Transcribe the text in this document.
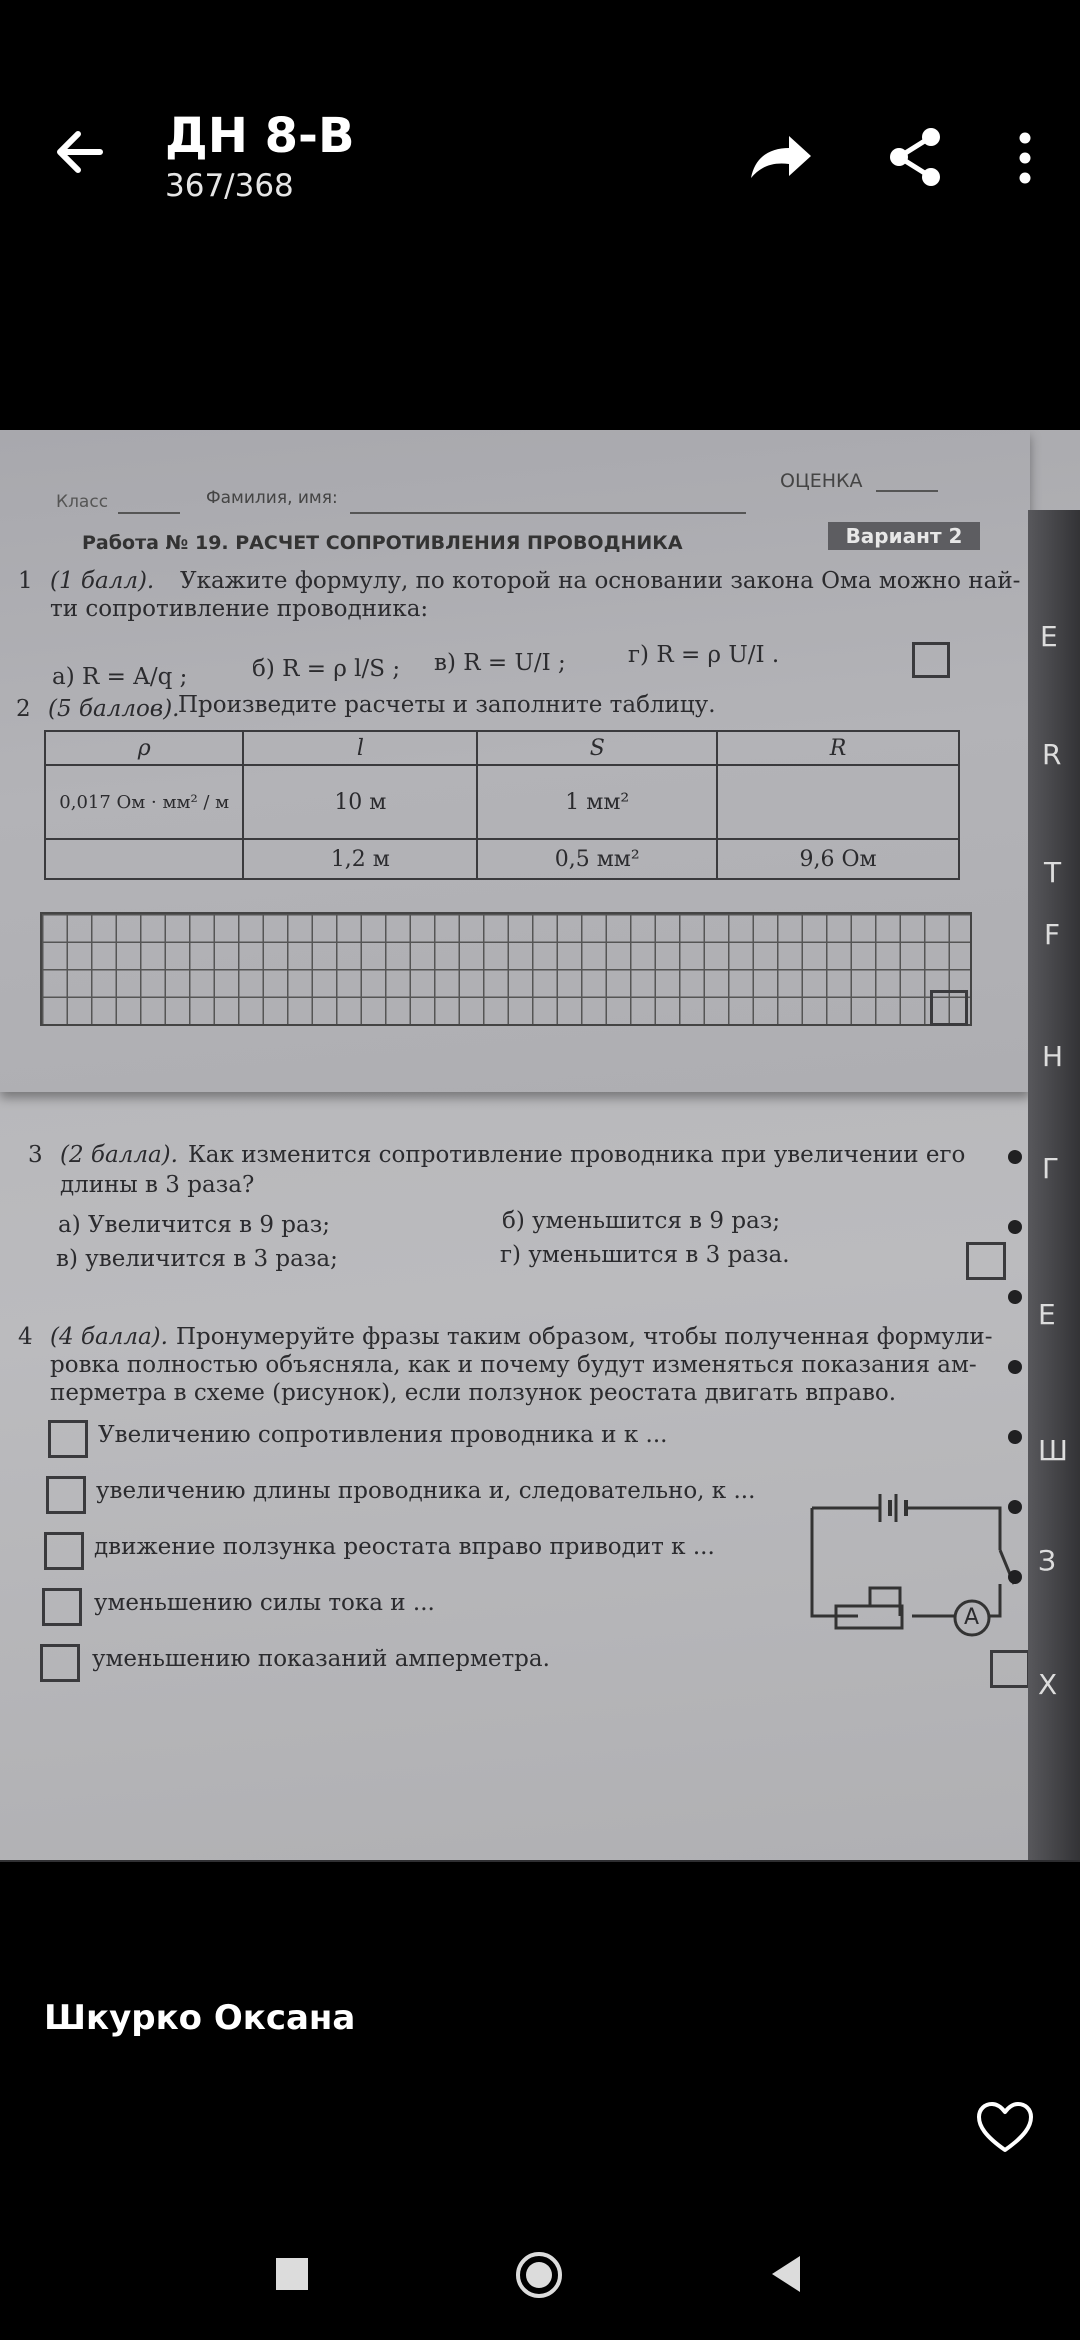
ДН 8-В
367/368
Класс	Фамилия, имя:
ОЦЕНКА
Работа № 19. РАСЧЕТ СОПРОТИВЛЕНИЯ ПРОВОДНИКА	Вариант 2
1 (1 балл). Укажите формулу, по которой на основании закона Ома можно най-
ти сопротивление проводника:
а) R = A/q ;	б) R = ρ l/S ; в) R = U/I ;	г) R = ρ U/I .
2 (5 баллов).
Произведите расчеты и заполните таблицу.
ρ	l	S	R
0,017 Ом · мм² / м	10 м	1 мм²	
	1,2 м	0,5 мм²	9,6 Ом
3 (2 балла). Как изменится сопротивление проводника при увеличении его
длины в 3 раза?
а) Увеличится в 9 раз;	б) уменьшится в 9 раз;
в) увеличится в 3 раза;	г) уменьшится в 3 раза.
4 (4 балла). Пронумеруйте фразы таким образом, чтобы полученная формули-
ровка полностью объясняла, как и почему будут изменяться показания ам-
перметра в схеме (рисунок), если ползунок реостата двигать вправо.
Увеличению сопротивления проводника и к ...
увеличению длины проводника и, следовательно, к ...
движение ползунка реостата вправо приводит к ...
уменьшению силы тока и ...
уменьшению показаний амперметра.
A
Е
R
Т
F
Н
Г
Е
Ш
З
Х
Шкурко Оксана
